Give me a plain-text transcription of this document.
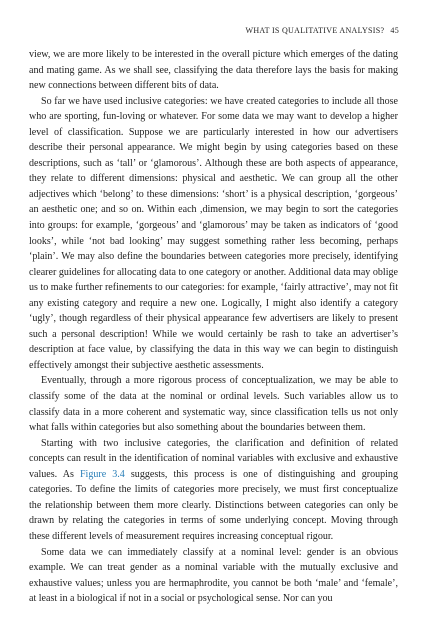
WHAT IS QUALITATIVE ANALYSIS? 45

view, we are more likely to be interested in the overall picture which emerges of the dating and mating game. As we shall see, classifying the data therefore lays the basis for making new connections between different bits of data.

So far we have used inclusive categories: we have created categories to include all those who are sporting, fun-loving or whatever. For some data we may want to develop a higher level of classification. Suppose we are particularly interested in how our advertisers describe their personal appearance. We might begin by using categories based on these descriptions, such as ‘tall’ or ‘glamorous’. Although these are both aspects of appearance, they relate to different dimensions: physical and aesthetic. We can group all the other adjectives which ‘belong’ to these dimensions: ‘short’ is a physical description, ‘gorgeous’ an aesthetic one; and so on. Within each ,dimension, we may begin to sort the categories into groups: for example, ‘gorgeous’ and ‘glamorous’ may be taken as indicators of ‘good looks’, while ‘not bad looking’ may suggest something rather less becoming, perhaps ‘plain’. We may also define the boundaries between categories more precisely, identifying clearer guidelines for allocating data to one category or another. Additional data may oblige us to make further refinements to our categories: for example, ‘fairly attractive’, may not fit any existing category and require a new one. Logically, I might also identify a category ‘ugly’, though regardless of their physical appearance few advertisers are likely to present such a personal description! While we would certainly be rash to take an advertiser’s description at face value, by classifying the data in this way we can begin to distinguish effectively amongst their subjective aesthetic assessments.

Eventually, through a more rigorous process of conceptualization, we may be able to classify some of the data at the nominal or ordinal levels. Such variables allow us to classify data in a more coherent and systematic way, since classification tells us not only what falls within categories but also something about the boundaries between them.

Starting with two inclusive categories, the clarification and definition of related concepts can result in the identification of nominal variables with exclusive and exhaustive values. As Figure 3.4 suggests, this process is one of distinguishing and grouping categories. To define the limits of categories more precisely, we must first conceptualize the relationship between them more clearly. Distinctions between categories can only be drawn by relating the categories in terms of some underlying concept. Moving through these different levels of measurement requires increasing conceptual rigour.

Some data we can immediately classify at a nominal level: gender is an obvious example. We can treat gender as a nominal variable with the mutually exclusive and exhaustive values; unless you are hermaphrodite, you cannot be both ‘male’ and ‘female’, at least in a biological if not in a social or psychological sense. Nor can you
